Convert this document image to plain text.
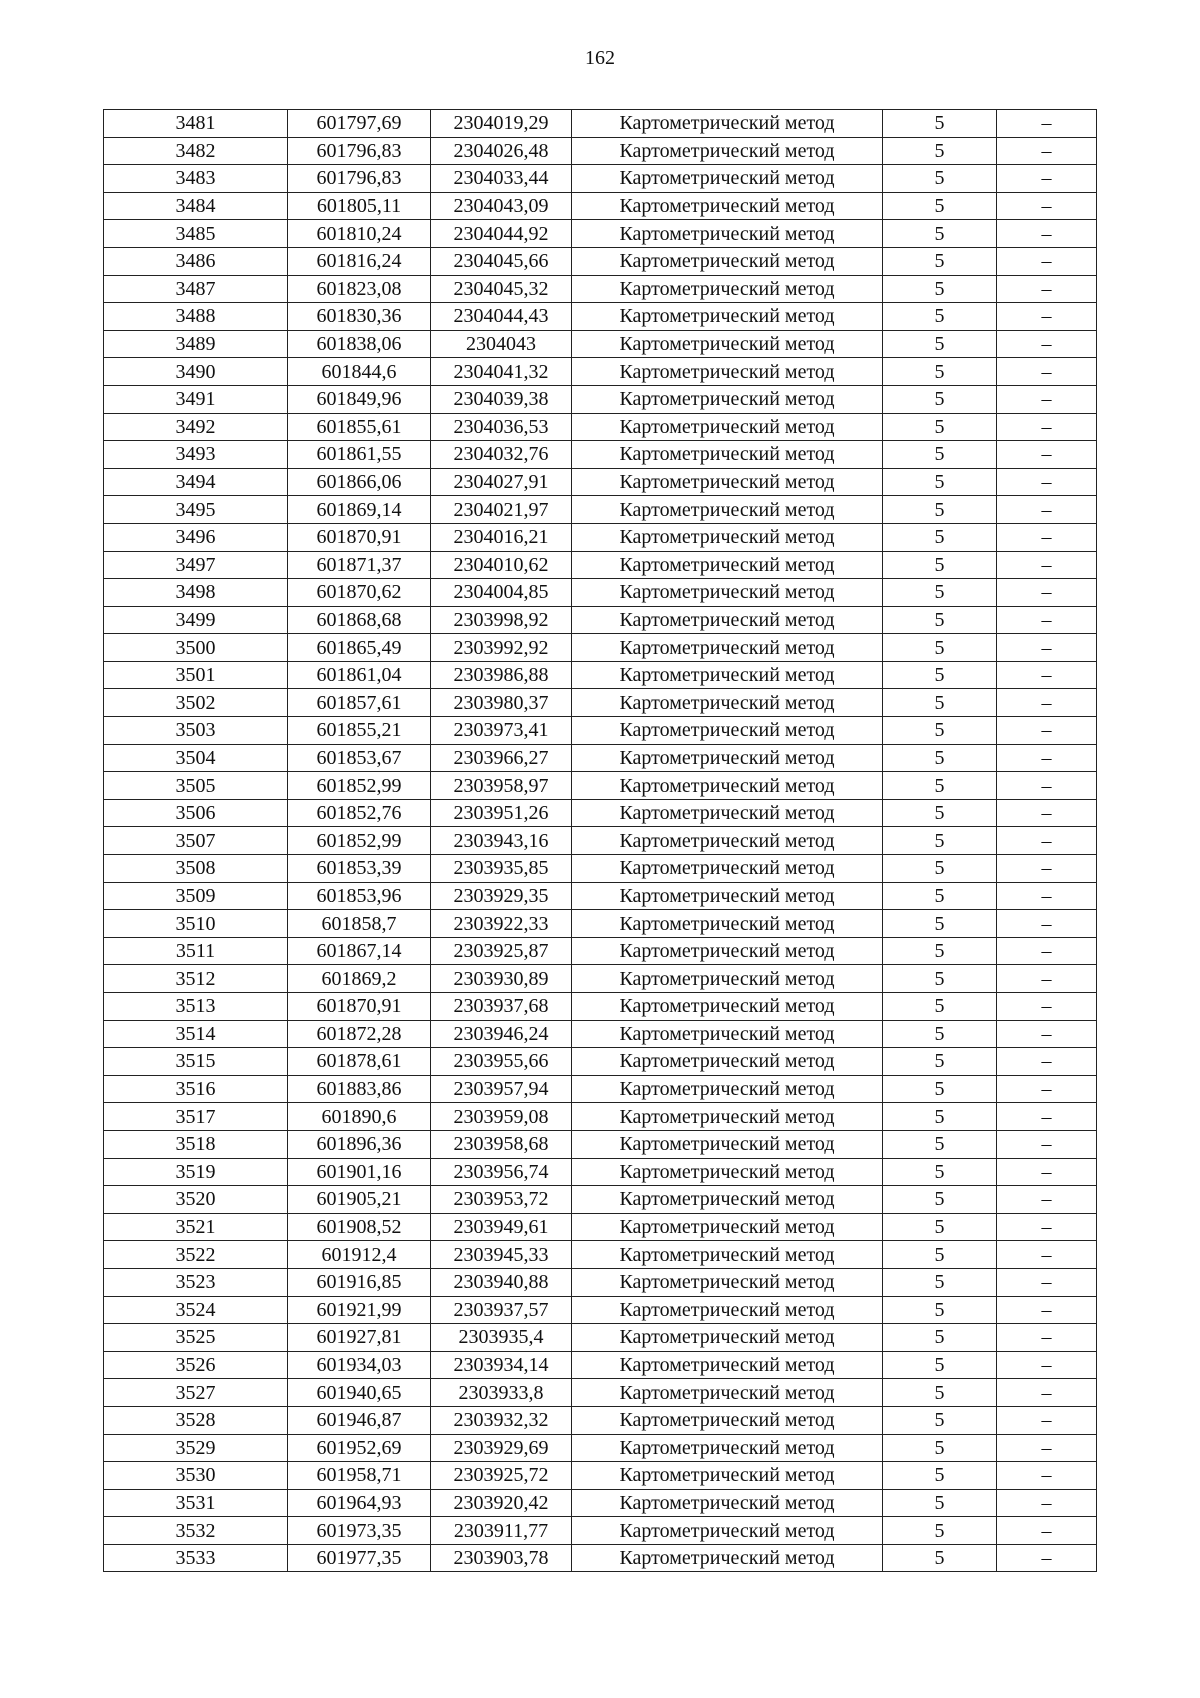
162
3481	601797,69	2304019,29	Картометрический метод	5	–
3482	601796,83	2304026,48	Картометрический метод	5	–
3483	601796,83	2304033,44	Картометрический метод	5	–
3484	601805,11	2304043,09	Картометрический метод	5	–
3485	601810,24	2304044,92	Картометрический метод	5	–
3486	601816,24	2304045,66	Картометрический метод	5	–
3487	601823,08	2304045,32	Картометрический метод	5	–
3488	601830,36	2304044,43	Картометрический метод	5	–
3489	601838,06	2304043	Картометрический метод	5	–
3490	601844,6	2304041,32	Картометрический метод	5	–
3491	601849,96	2304039,38	Картометрический метод	5	–
3492	601855,61	2304036,53	Картометрический метод	5	–
3493	601861,55	2304032,76	Картометрический метод	5	–
3494	601866,06	2304027,91	Картометрический метод	5	–
3495	601869,14	2304021,97	Картометрический метод	5	–
3496	601870,91	2304016,21	Картометрический метод	5	–
3497	601871,37	2304010,62	Картометрический метод	5	–
3498	601870,62	2304004,85	Картометрический метод	5	–
3499	601868,68	2303998,92	Картометрический метод	5	–
3500	601865,49	2303992,92	Картометрический метод	5	–
3501	601861,04	2303986,88	Картометрический метод	5	–
3502	601857,61	2303980,37	Картометрический метод	5	–
3503	601855,21	2303973,41	Картометрический метод	5	–
3504	601853,67	2303966,27	Картометрический метод	5	–
3505	601852,99	2303958,97	Картометрический метод	5	–
3506	601852,76	2303951,26	Картометрический метод	5	–
3507	601852,99	2303943,16	Картометрический метод	5	–
3508	601853,39	2303935,85	Картометрический метод	5	–
3509	601853,96	2303929,35	Картометрический метод	5	–
3510	601858,7	2303922,33	Картометрический метод	5	–
3511	601867,14	2303925,87	Картометрический метод	5	–
3512	601869,2	2303930,89	Картометрический метод	5	–
3513	601870,91	2303937,68	Картометрический метод	5	–
3514	601872,28	2303946,24	Картометрический метод	5	–
3515	601878,61	2303955,66	Картометрический метод	5	–
3516	601883,86	2303957,94	Картометрический метод	5	–
3517	601890,6	2303959,08	Картометрический метод	5	–
3518	601896,36	2303958,68	Картометрический метод	5	–
3519	601901,16	2303956,74	Картометрический метод	5	–
3520	601905,21	2303953,72	Картометрический метод	5	–
3521	601908,52	2303949,61	Картометрический метод	5	–
3522	601912,4	2303945,33	Картометрический метод	5	–
3523	601916,85	2303940,88	Картометрический метод	5	–
3524	601921,99	2303937,57	Картометрический метод	5	–
3525	601927,81	2303935,4	Картометрический метод	5	–
3526	601934,03	2303934,14	Картометрический метод	5	–
3527	601940,65	2303933,8	Картометрический метод	5	–
3528	601946,87	2303932,32	Картометрический метод	5	–
3529	601952,69	2303929,69	Картометрический метод	5	–
3530	601958,71	2303925,72	Картометрический метод	5	–
3531	601964,93	2303920,42	Картометрический метод	5	–
3532	601973,35	2303911,77	Картометрический метод	5	–
3533	601977,35	2303903,78	Картометрический метод	5	–
